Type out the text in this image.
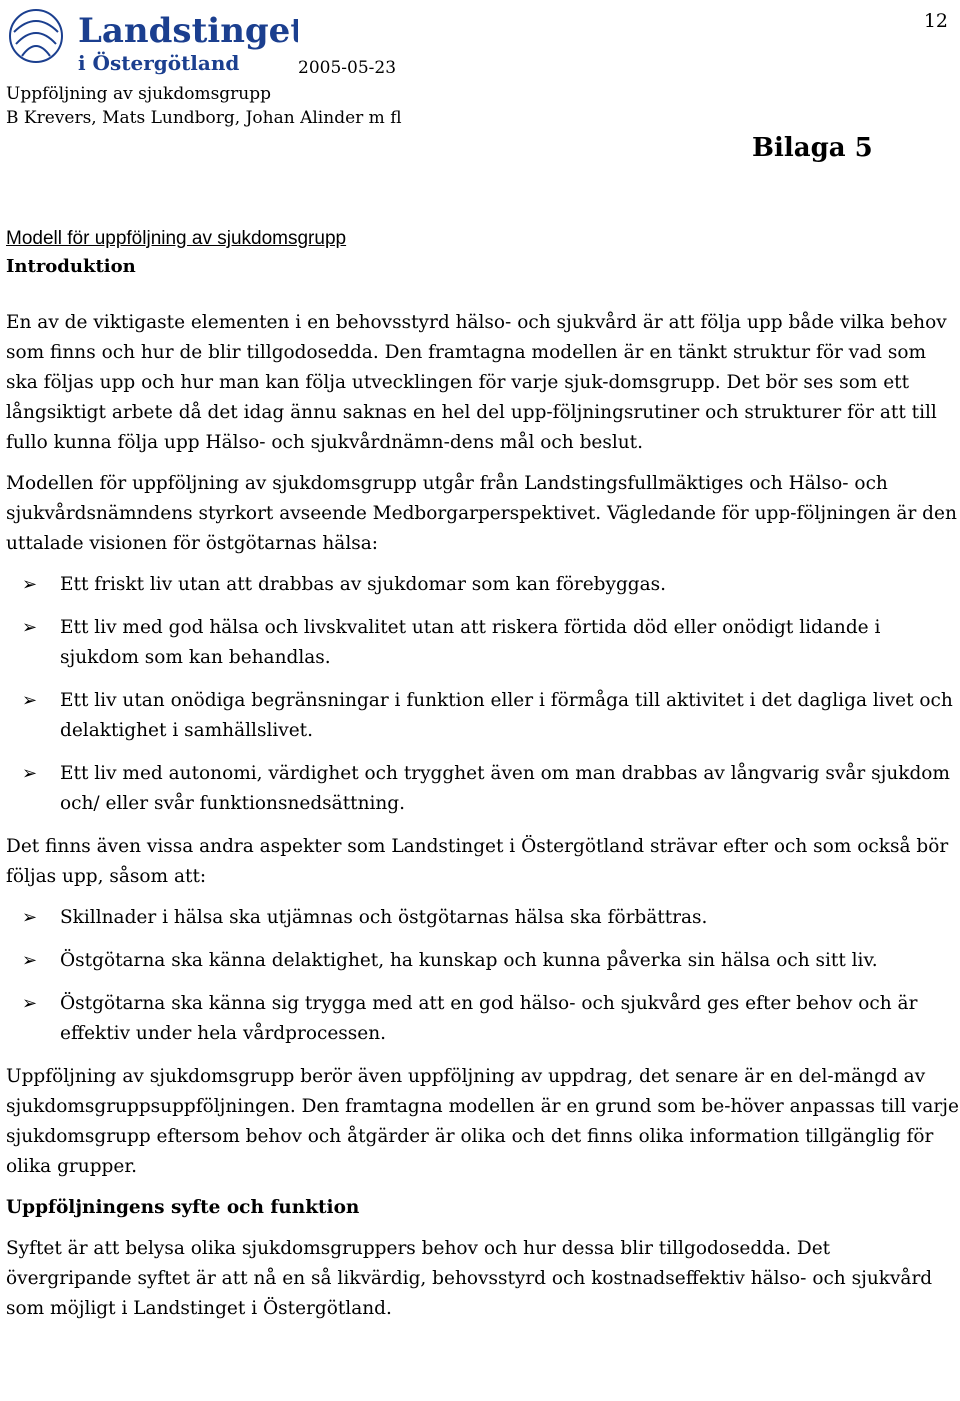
Landstinget
i Östergötland
12
2005-05-23
Uppföljning av sjukdomsgrupp
B Krevers, Mats Lundborg, Johan Alinder m fl
Bilaga 5
Modell för uppföljning av sjukdomsgrupp
Introduktion

En av de viktigaste elementen i en behovsstyrd hälso- och sjukvård är att följa upp både vilka behov som finns och hur de blir tillgodosedda. Den framtagna modellen är en tänkt struktur för vad som ska följas upp och hur man kan följa utvecklingen för varje sjuk-domsgrupp. Det bör ses som ett långsiktigt arbete då det idag ännu saknas en hel del upp-följningsrutiner och strukturer för att till fullo kunna följa upp Hälso- och sjukvårdnämn-dens mål och beslut.

Modellen för uppföljning av sjukdomsgrupp utgår från Landstingsfullmäktiges och Hälso- och sjukvårdsnämndens styrkort avseende Medborgarperspektivet. Vägledande för upp-följningen är den uttalade visionen för östgötarnas hälsa:

➢ Ett friskt liv utan att drabbas av sjukdomar som kan förebyggas.
➢ Ett liv med god hälsa och livskvalitet utan att riskera förtida död eller onödigt lidande i sjukdom som kan behandlas.
➢ Ett liv utan onödiga begränsningar i funktion eller i förmåga till aktivitet i det dagliga livet och delaktighet i samhällslivet.
➢ Ett liv med autonomi, värdighet och trygghet även om man drabbas av långvarig svår sjukdom och/ eller svår funktionsnedsättning.

Det finns även vissa andra aspekter som Landstinget i Östergötland strävar efter och som också bör följas upp, såsom att:

➢ Skillnader i hälsa ska utjämnas och östgötarnas hälsa ska förbättras.
➢ Östgötarna ska känna delaktighet, ha kunskap och kunna påverka sin hälsa och sitt liv.
➢ Östgötarna ska känna sig trygga med att en god hälso- och sjukvård ges efter behov och är effektiv under hela vårdprocessen.

Uppföljning av sjukdomsgrupp berör även uppföljning av uppdrag, det senare är en del-mängd av sjukdomsgruppsuppföljningen. Den framtagna modellen är en grund som be-höver anpassas till varje sjukdomsgrupp eftersom behov och åtgärder är olika och det finns olika information tillgänglig för olika grupper.

Uppföljningens syfte och funktion

Syftet är att belysa olika sjukdomsgruppers behov och hur dessa blir tillgodosedda. Det övergripande syftet är att nå en så likvärdig, behovsstyrd och kostnadseffektiv hälso- och sjukvård som möjligt i Landstinget i Östergötland.
